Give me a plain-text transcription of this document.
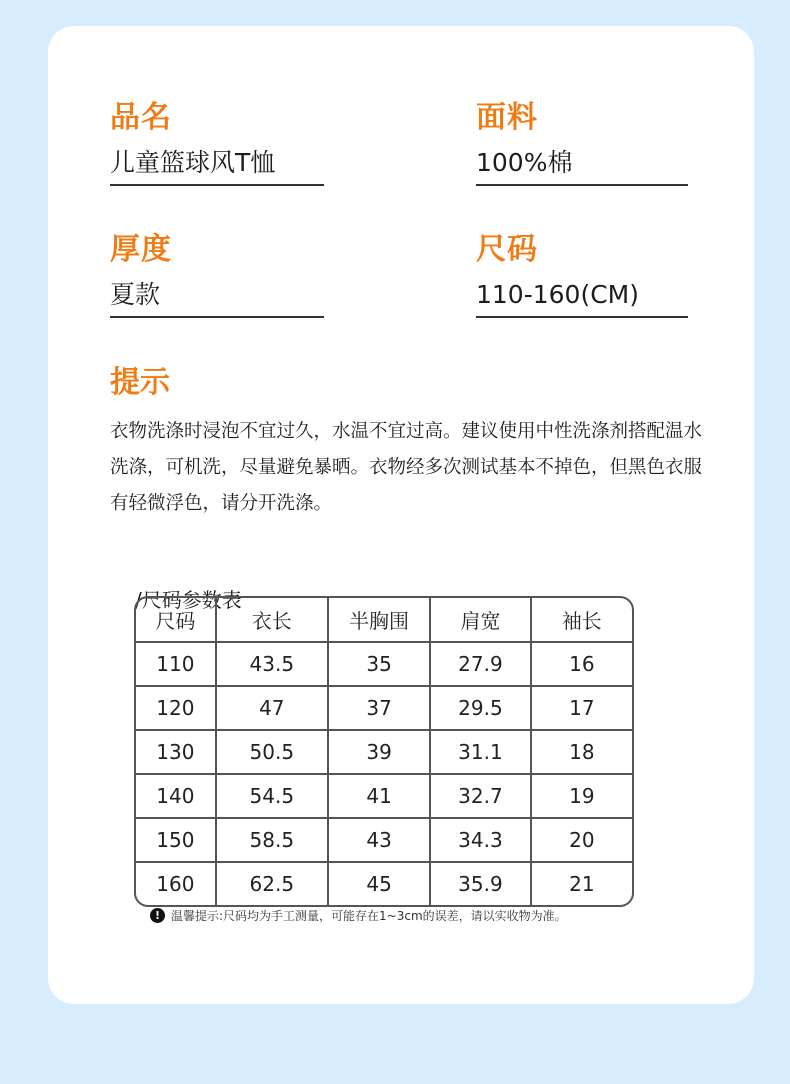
品名
儿童篮球风T恤
面料
100%棉
厚度
夏款
尺码
110-160(CM)
提示
衣物洗涤时浸泡不宜过久，水温不宜过高。建议使用中性洗涤剂搭配温水洗涤，可机洗，尽量避免暴晒。衣物经多次测试基本不掉色，但黑色衣服有轻微浮色，请分开洗涤。
/尺码参数表
尺码	衣长	半胸围	肩宽	袖长
110	43.5	35	27.9	16
120	47	37	29.5	17
130	50.5	39	31.1	18
140	54.5	41	32.7	19
150	58.5	43	34.3	20
160	62.5	45	35.9	21
! 温馨提示:尺码均为手工测量，可能存在1~3cm的误差，请以实收物为准。
